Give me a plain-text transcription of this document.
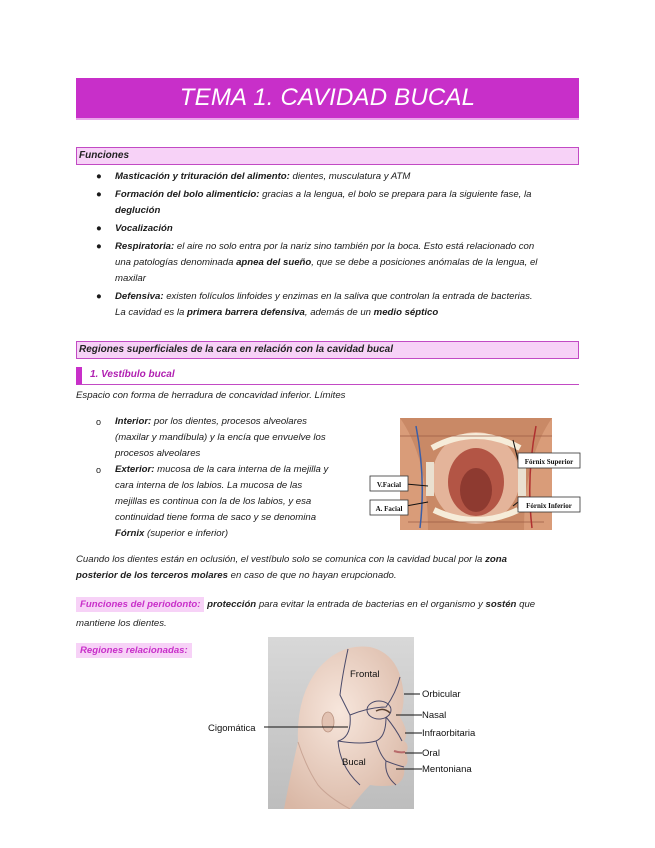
TEMA 1. CAVIDAD BUCAL
Funciones
● Masticación y trituración del alimento: dientes, musculatura y ATM
● Formación del bolo alimenticio: gracias a la lengua, el bolo se prepara para la siguiente fase, la
deglución
● Vocalización
● Respiratoria: el aire no solo entra por la nariz sino también por la boca. Esto está relacionado con
una patologías denominada apnea del sueño, que se debe a posiciones anómalas de la lengua, el
maxilar
● Defensiva: existen folículos linfoides y enzimas en la saliva que controlan la entrada de bacterias.
La cavidad es la primera barrera defensiva, además de un medio séptico
Regiones superficiales de la cara en relación con la cavidad bucal
1. Vestíbulo bucal
Espacio con forma de herradura de concavidad inferior. Límites
o Interior: por los dientes, procesos alveolares
(maxilar y mandíbula) y la encía que envuelve los
procesos alveolares
o Exterior: mucosa de la cara interna de la mejilla y
cara interna de los labios. La mucosa de las
mejillas es continua con la de los labios, y esa
continuidad tiene forma de saco y se denomina
Fórnix (superior e inferior)
Fórnix Superior
Fórnix Inferior
V.Facial
A. Facial
Cuando los dientes están en oclusión, el vestíbulo solo se comunica con la cavidad bucal por la zona
posterior de los terceros molares en caso de que no hayan erupcionado.
Funciones del periodonto: protección para evitar la entrada de bacterias en el organismo y sostén que
mantiene los dientes.
Regiones relacionadas:
Frontal
Orbicular
Nasal
Infraorbitaria
Cigomática
Oral
Bucal
Mentoniana
